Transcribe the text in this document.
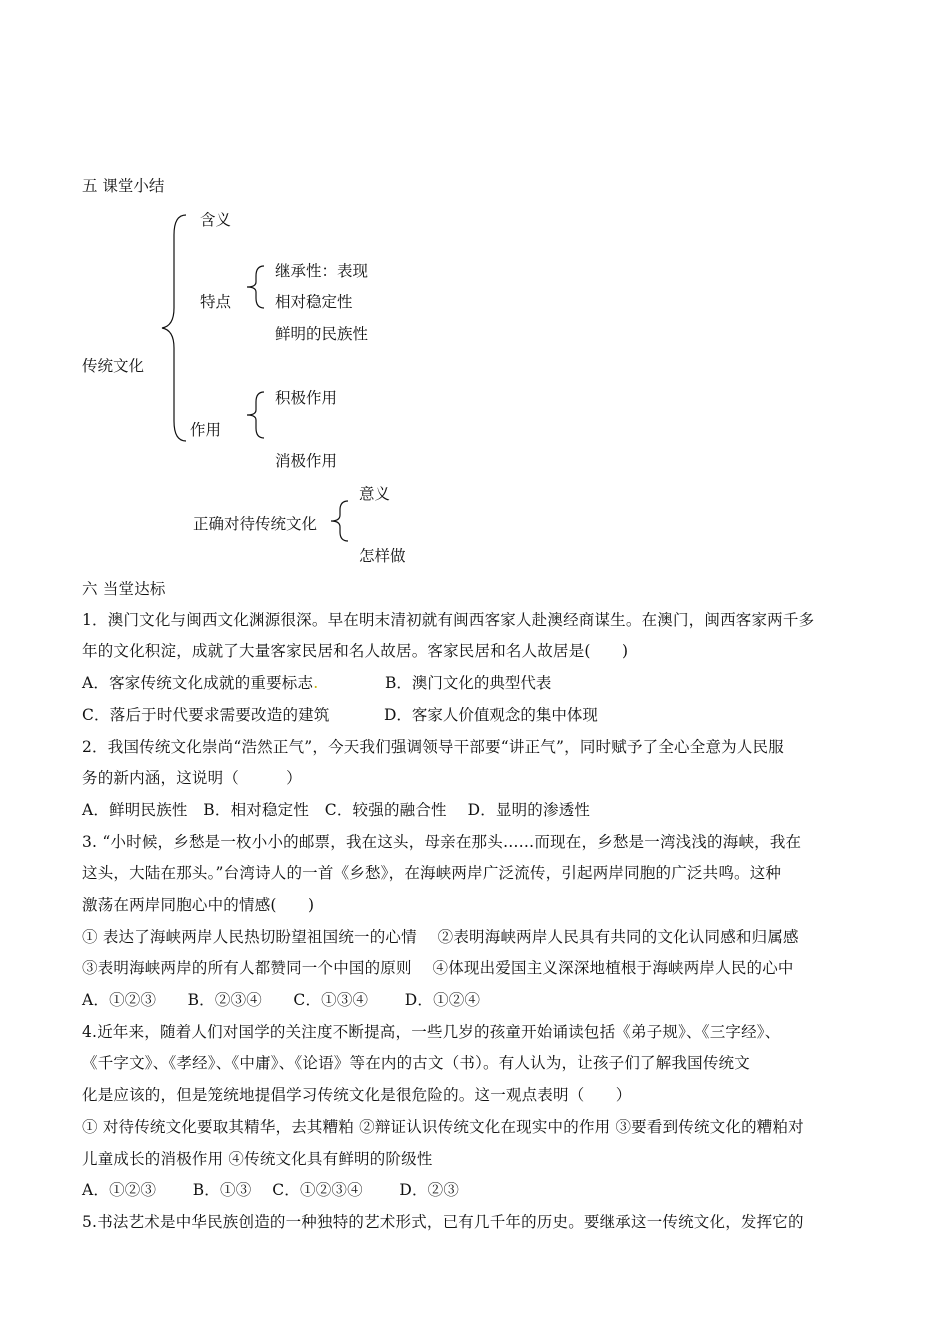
五 课堂小结
传统文化
含义
特点
继承性：表现
相对稳定性
鲜明的民族性
作用
积极作用
消极作用
正确对待传统文化
意义
怎样做
六 当堂达标
1．澳门文化与闽西文化渊源很深。早在明末清初就有闽西客家人赴澳经商谋生。在澳门，闽西客家两千多
年的文化积淀，成就了大量客家民居和名人故居。客家民居和名人故居是(　　)
A．客家传统文化成就的重要标志.	B．澳门文化的典型代表
C．落后于时代要求需要改造的建筑	D．客家人价值观念的集中体现
2．我国传统文化崇尚“浩然正气”，今天我们强调领导干部要“讲正气”，同时赋予了全心全意为人民服
务的新内涵，这说明（　　　）
A．鲜明民族性　B．相对稳定性　C．较强的融合性　 D．显明的渗透性
3. “小时候，乡愁是一枚小小的邮票，我在这头，母亲在那头……而现在，乡愁是一湾浅浅的海峡，我在
这头，大陆在那头。”台湾诗人的一首《乡愁》，在海峡两岸广泛流传，引起两岸同胞的广泛共鸣。这种
激荡在两岸同胞心中的情感(　　)
① 表达了海峡两岸人民热切盼望祖国统一的心情　 ②表明海峡两岸人民具有共同的文化认同感和归属感
③表明海峡两岸的所有人都赞同一个中国的原则　 ④体现出爱国主义深深地植根于海峡两岸人民的心中
A．①②③　　B．②③④　　C．①③④　　 D．①②④
4.近年来，随着人们对国学的关注度不断提高，一些几岁的孩童开始诵读包括《弟子规》、《三字经》、
《千字文》、《孝经》、《中庸》、《论语》等在内的古文（书）。有人认为，让孩子们了解我国传统文
化是应该的，但是笼统地提倡学习传统文化是很危险的。这一观点表明（　　）
① 对待传统文化要取其精华，去其糟粕 ②辩证认识传统文化在现实中的作用 ③要看到传统文化的糟粕对
儿童成长的消极作用 ④传统文化具有鲜明的阶级性
A．①②③　　 B．①③　 C．①②③④　　 D．②③
5.书法艺术是中华民族创造的一种独特的艺术形式，已有几千年的历史。要继承这一传统文化，发挥它的
